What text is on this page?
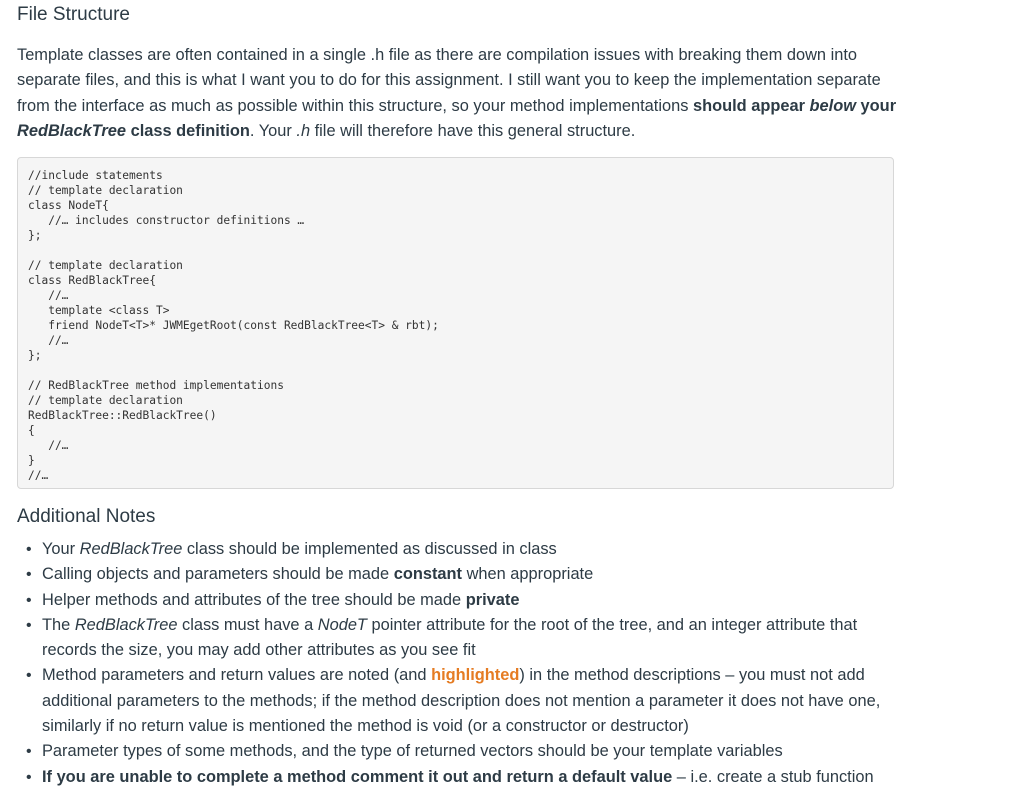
File Structure

Template classes are often contained in a single .h file as there are compilation issues with breaking them down into separate files, and this is what I want you to do for this assignment. I still want you to keep the implementation separate from the interface as much as possible within this structure, so your method implementations should appear below your RedBlackTree class definition. Your .h file will therefore have this general structure.

//include statements
// template declaration
class NodeT{
//… includes constructor definitions …
};

// template declaration
class RedBlackTree{
//…
template <class T>
friend NodeT<T>* JWMEgetRoot(const RedBlackTree<T> & rbt);
//…
};

// RedBlackTree method implementations
// template declaration
RedBlackTree::RedBlackTree()
{
//…
}
//…
Additional Notes
• Your RedBlackTree class should be implemented as discussed in class
• Calling objects and parameters should be made constant when appropriate
• Helper methods and attributes of the tree should be made private
• The RedBlackTree class must have a NodeT pointer attribute for the root of the tree, and an integer attribute that records the size, you may add other attributes as you see fit
• Method parameters and return values are noted (and highlighted) in the method descriptions – you must not add additional parameters to the methods; if the method description does not mention a parameter it does not have one, similarly if no return value is mentioned the method is void (or a constructor or destructor)
• Parameter types of some methods, and the type of returned vectors should be your template variables
• If you are unable to complete a method comment it out and return a default value – i.e. create a stub function
